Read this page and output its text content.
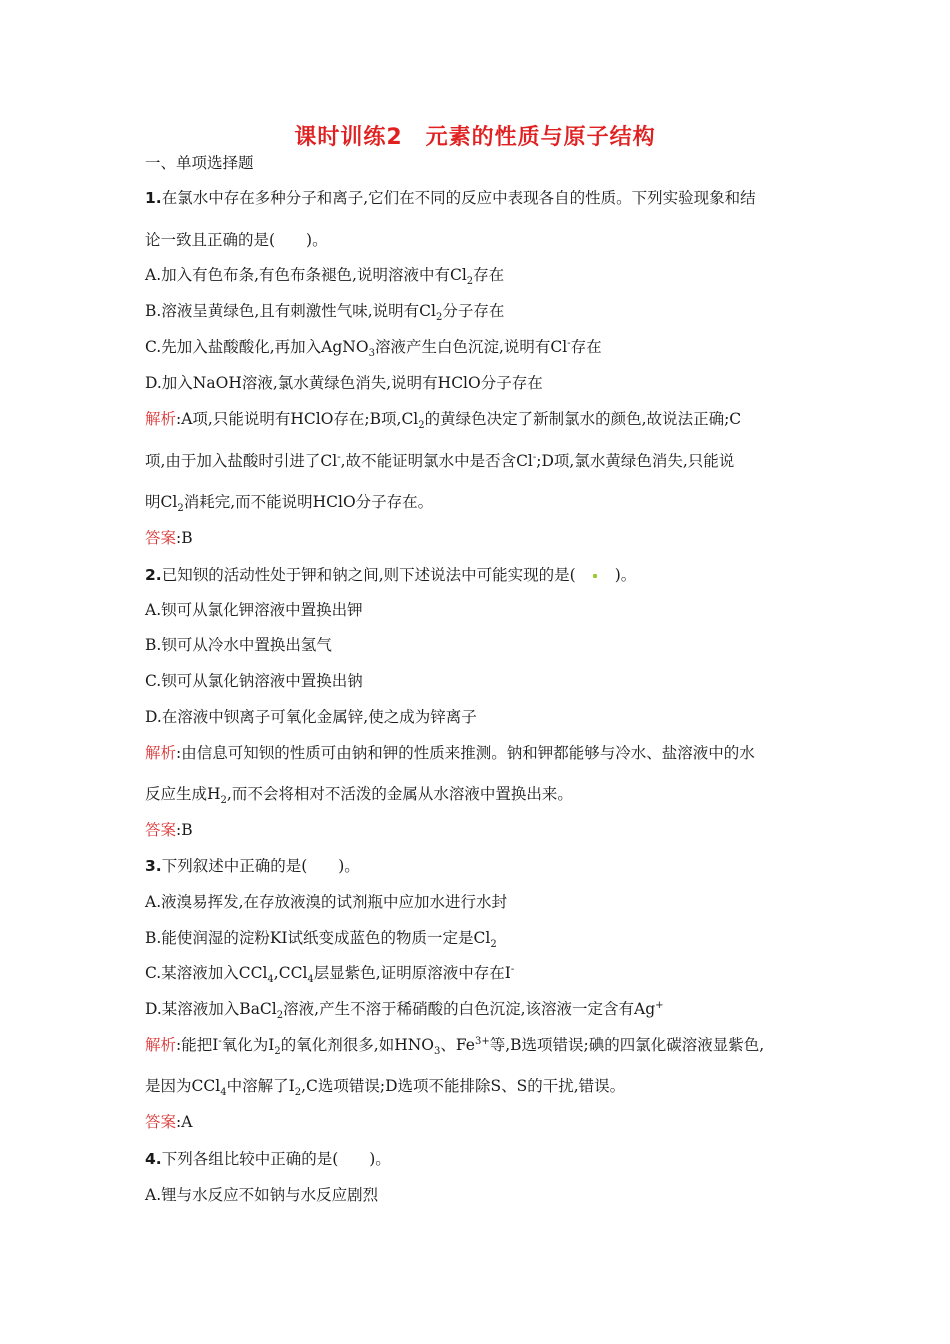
课时训练2　元素的性质与原子结构
一、单项选择题
1.在氯水中存在多种分子和离子,它们在不同的反应中表现各自的性质。下列实验现象和结
论一致且正确的是(　　)。
A.加入有色布条,有色布条褪色,说明溶液中有$Cl_2$存在
B.溶液呈黄绿色,且有刺激性气味,说明有$Cl_2$分子存在
C.先加入盐酸酸化,再加入AgNO$_3$溶液产生白色沉淀,说明有Cl-存在
D.加入NaOH溶液,氯水黄绿色消失,说明有HClO分子存在
解析:A项,只能说明有HClO存在;B项$,Cl_2$的黄绿色决定了新制氯水的颜色,故说法正确;C
项,由于加入盐酸时引进了Cl-,故不能证明氯水中是否含Cl-;D项,氯水黄绿色消失,只能说
明$Cl_2$消耗完,而不能说明HClO分子存在。
答案:B
2.已知钡的活动性处于钾和钠之间,则下述说法中可能实现的是(　　	)。
A.钡可从氯化钾溶液中置换出钾
B.钡可从冷水中置换出氢气
C.钡可从氯化钠溶液中置换出钠
D.在溶液中钡离子可氧化金属锌,使之成为锌离子
解析:由信息可知钡的性质可由钠和钾的性质来推测。钠和钾都能够与冷水、盐溶液中的水
反应生成$H_2$,而不会将相对不活泼的金属从水溶液中置换出来。
答案:B
3.下列叙述中正确的是(　　)。
A.液溴易挥发,在存放液溴的试剂瓶中应加水进行水封
B.能使润湿的淀粉KI试纸变成蓝色的物质一定是$Cl_2$
C.某溶液加入CCl$_4$,CCl$_4$层显紫色,证明原溶液中存在I-
D.某溶液加入BaCl$_2$溶液,产生不溶于稀硝酸的白色沉淀,该溶液一定含有Ag+
解析:能把I-氧化为$I_2$的氧化剂很多,如$HNO_3$、$Fe^{3+}$等,B选项错误;碘的四氯化碳溶液显紫色,
是因为CCl$_4$中溶解了$I_2,C$选项错误;D选项不能排除S、S的干扰,错误。
答案:A
4.下列各组比较中正确的是(　　)。
A.锂与水反应不如钠与水反应剧烈
